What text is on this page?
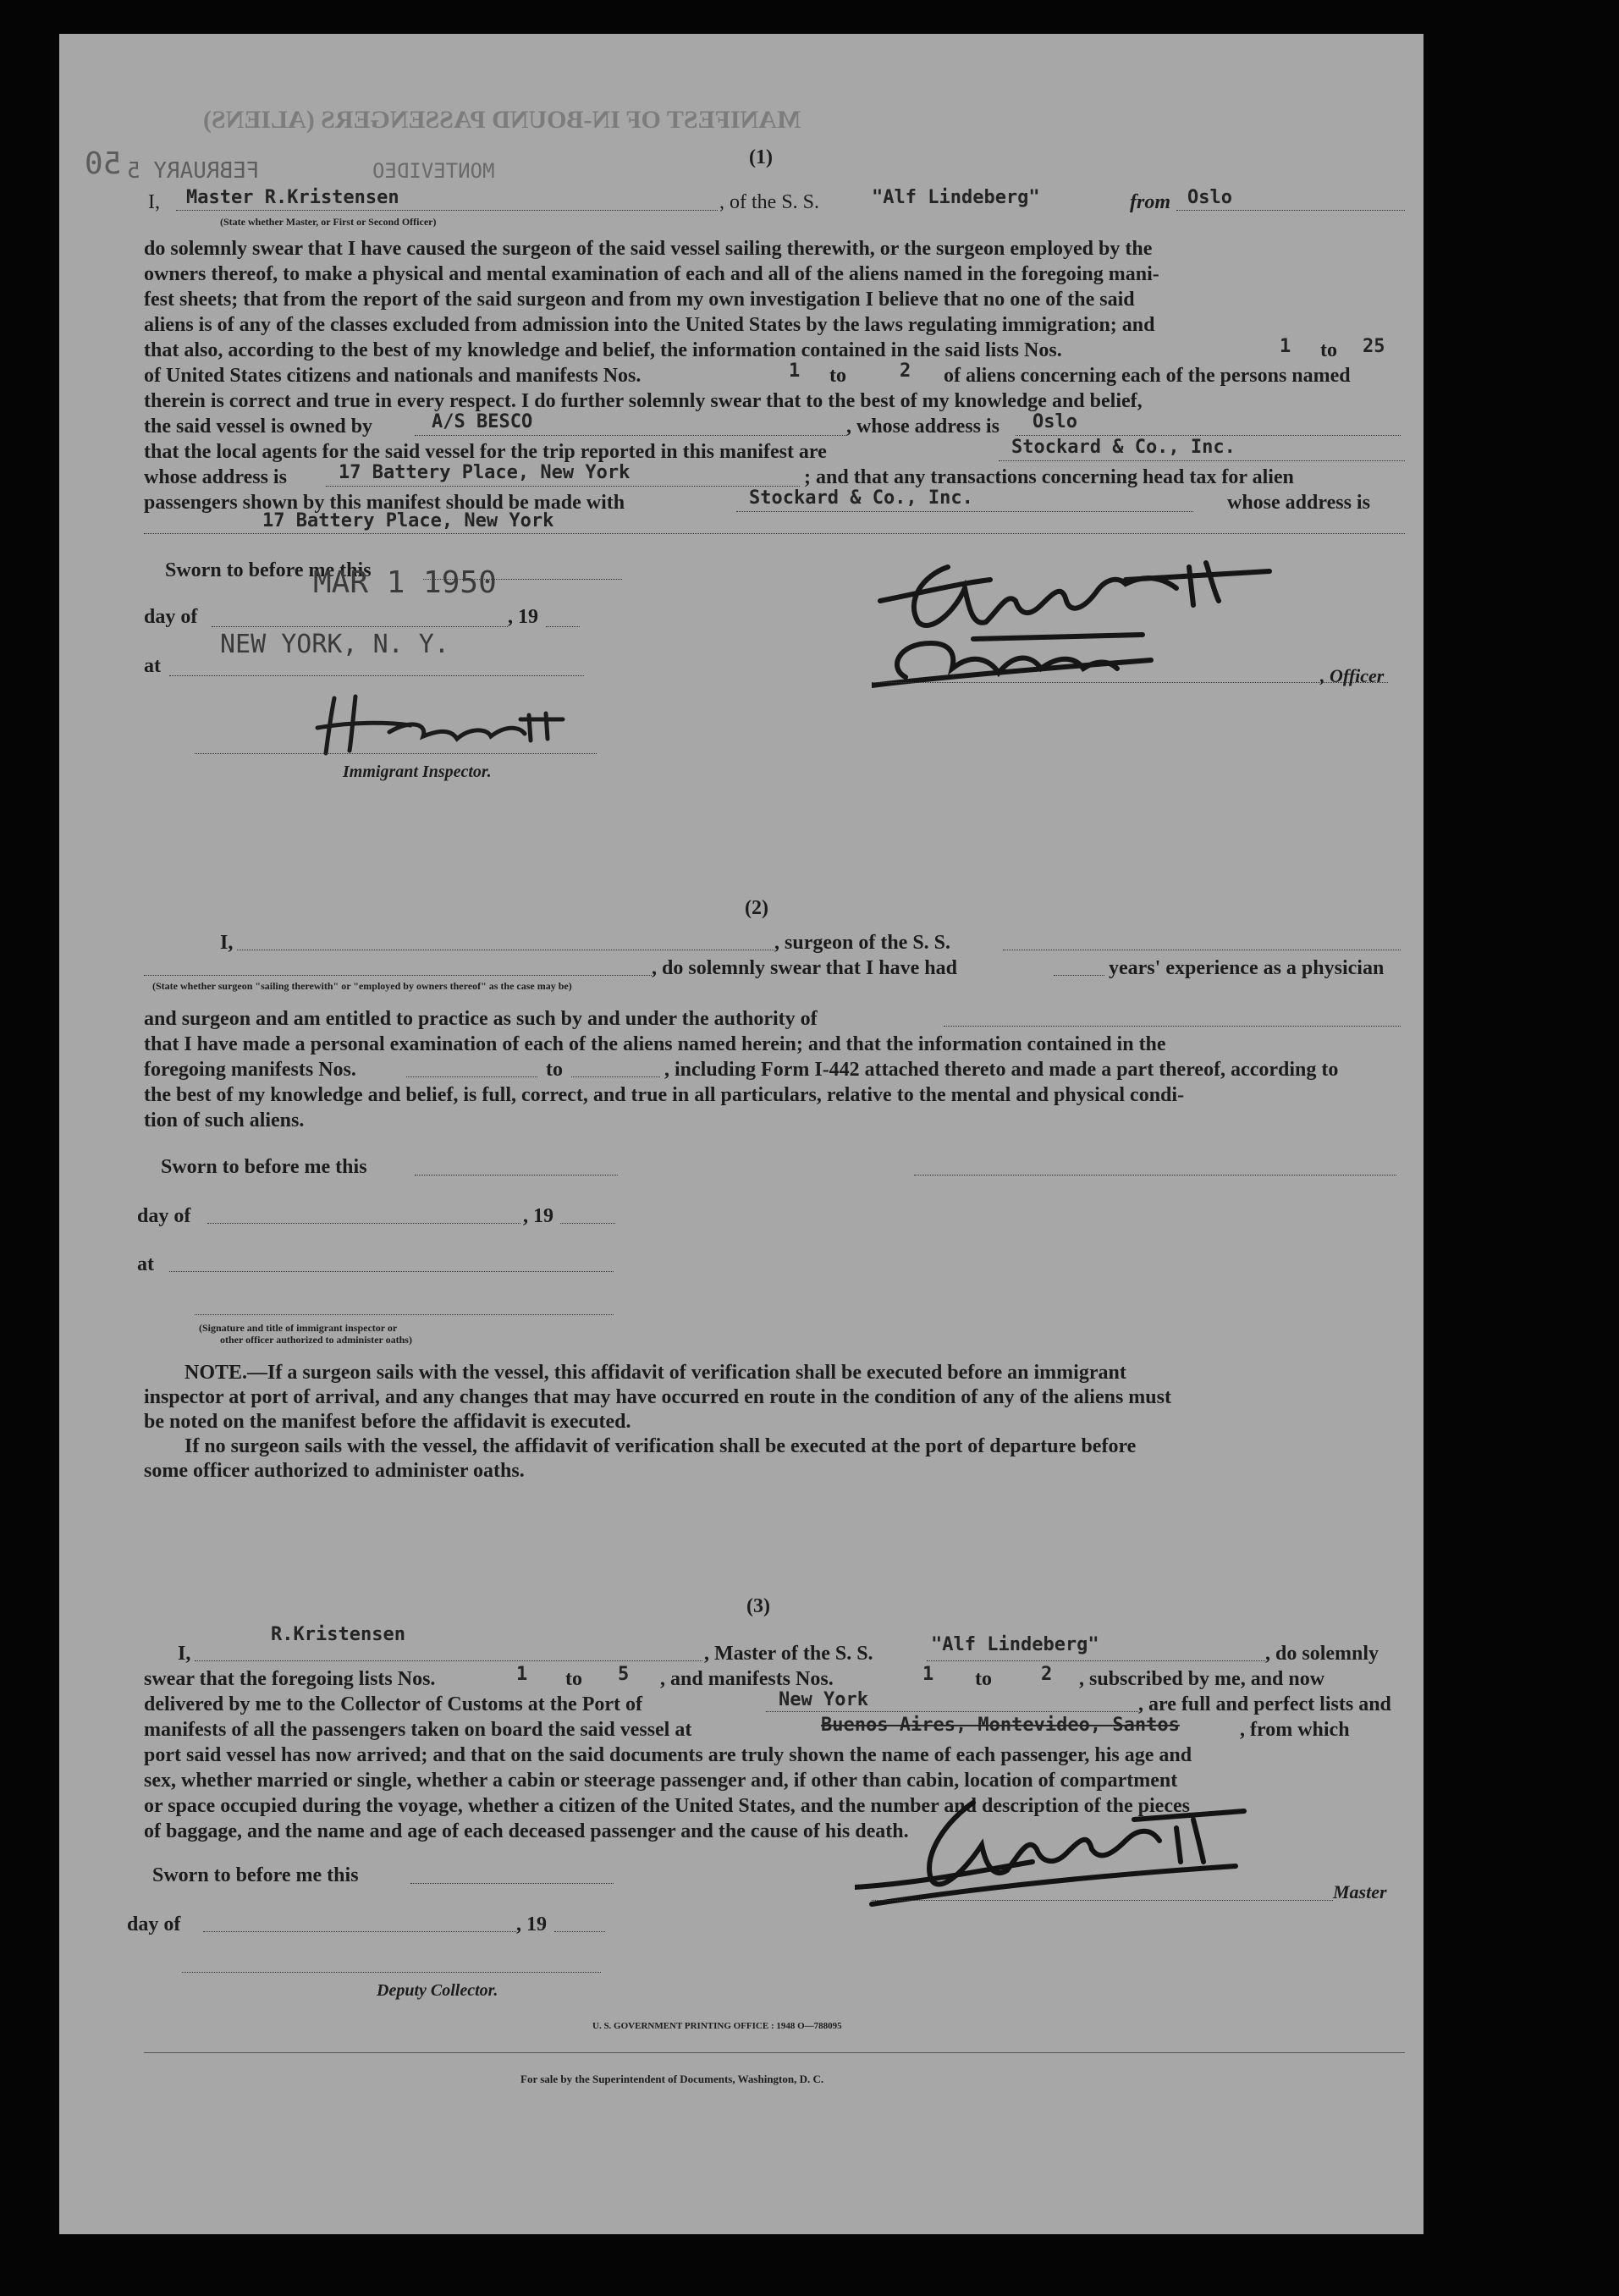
MANIFEST OF IN-BOUND PASSENGERS (ALIENS)
50	MONTEVIDEO
FEBRUARY 5
(1)
I, Master R.Kristensen	, of the S. S.	"Alf Lindeberg"	from Oslo
(State whether Master, or First or Second Officer)
do solemnly swear that I have caused the surgeon of the said vessel sailing therewith, or the surgeon employed by the
owners thereof, to make a physical and mental examination of each and all of the aliens named in the foregoing mani-
fest sheets; that from the report of the said surgeon and from my own investigation I believe that no one of the said
aliens is of any of the classes excluded from admission into the United States by the laws regulating immigration; and
that also, according to the best of my knowledge and belief, the information contained in the said lists Nos.	1 to 25
of United States citizens and nationals and manifests Nos.	1 to	2 of aliens concerning each of the persons named
therein is correct and true in every respect. I do further solemnly swear that to the best of my knowledge and belief,
the said vessel is owned by	A/S BESCO	, whose address is Oslo
that the local agents for the said vessel for the trip reported in this manifest are	Stockard & Co., Inc.
whose address is	17 Battery Place, New York	; and that any transactions concerning head tax for alien
passengers shown by this manifest should be made with	Stockard & Co., Inc.	whose address is
17 Battery Place, New York
Sworn to before me this
MAR 1 1950
day of	, 19
NEW YORK, N. Y.
at
Immigrant Inspector.
, Officer
(2)
I,	, surgeon of the S. S.
, do solemnly swear that I have had	years' experience as a physician
(State whether surgeon "sailing therewith" or "employed by owners thereof" as the case may be)
and surgeon and am entitled to practice as such by and under the authority of
that I have made a personal examination of each of the aliens named herein; and that the information contained in the
foregoing manifests Nos.	to	, including Form I-442 attached thereto and made a part thereof, according to
the best of my knowledge and belief, is full, correct, and true in all particulars, relative to the mental and physical condi-
tion of such aliens.
Sworn to before me this
day of	, 19
at
(Signature and title of immigrant inspector or
other officer authorized to administer oaths)
NOTE.—If a surgeon sails with the vessel, this affidavit of verification shall be executed before an immigrant
inspector at port of arrival, and any changes that may have occurred en route in the condition of any of the aliens must
be noted on the manifest before the affidavit is executed.
If no surgeon sails with the vessel, the affidavit of verification shall be executed at the port of departure before
some officer authorized to administer oaths.
(3)
R.Kristensen
I,	, Master of the S. S.	"Alf Lindeberg"	, do solemnly
swear that the foregoing lists Nos.	1 to 5 , and manifests Nos.	1 to	2 , subscribed by me, and now
delivered by me to the Collector of Customs at the Port of	New York	, are full and perfect lists and
manifests of all the passengers taken on board the said vessel at	Buenos Aires, Montevideo, Santos	, from which
port said vessel has now arrived; and that on the said documents are truly shown the name of each passenger, his age and
sex, whether married or single, whether a cabin or steerage passenger and, if other than cabin, location of compartment
or space occupied during the voyage, whether a citizen of the United States, and the number and description of the pieces
of baggage, and the name and age of each deceased passenger and the cause of his death.
Sworn to before me this
day of	, 19
Deputy Collector.
Master
U. S. GOVERNMENT PRINTING OFFICE : 1948 O—788095
For sale by the Superintendent of Documents, Washington, D. C.
